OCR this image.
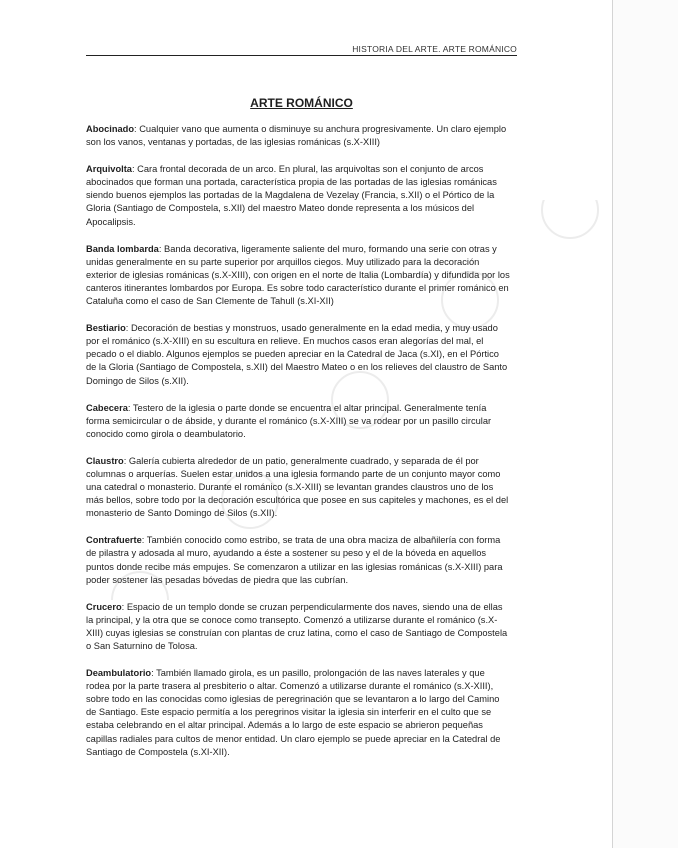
HISTORIA DEL ARTE. ARTE ROMÁNICO
ARTE ROMÁNICO

Abocinado: Cualquier vano que aumenta o disminuye su anchura progresivamente. Un claro ejemplo son los vanos, ventanas y portadas, de las iglesias románicas (s.X-XIII)

Arquivolta: Cara frontal decorada de un arco. En plural, las arquivoltas son el conjunto de arcos abocinados que forman una portada, característica propia de las portadas de las iglesias románicas siendo buenos ejemplos las portadas de la Magdalena de Vezelay (Francia, s.XII) o el Pórtico de la Gloria (Santiago de Compostela, s.XII) del maestro Mateo donde representa a los músicos del Apocalipsis.

Banda lombarda: Banda decorativa, ligeramente saliente del muro, formando una serie con otras y unidas generalmente en su parte superior por arquillos ciegos. Muy utilizado para la decoración exterior de iglesias románicas (s.X-XIII), con origen en el norte de Italia (Lombardía) y difundida por los canteros itinerantes lombardos por Europa. Es sobre todo característico durante el primer románico en Cataluña como el caso de San Clemente de Tahull (s.XI-XII)

Bestiario: Decoración de bestias y monstruos, usado generalmente en la edad media, y muy usado por el románico (s.X-XIII) en su escultura en relieve. En muchos casos eran alegorías del mal, el pecado o el diablo. Algunos ejemplos se pueden apreciar en la Catedral de Jaca (s.XI), en el Pórtico de la Gloria (Santiago de Compostela, s.XII) del Maestro Mateo o en los relieves del claustro de Santo Domingo de Silos (s.XII).

Cabecera: Testero de la iglesia o parte donde se encuentra el altar principal. Generalmente tenía forma semicircular o de ábside, y durante el románico (s.X-XIII) se va rodear por un pasillo circular conocido como girola o deambulatorio.

Claustro: Galería cubierta alrededor de un patio, generalmente cuadrado, y separada de él por columnas o arquerías. Suelen estar unidos a una iglesia formando parte de un conjunto mayor como una catedral o monasterio. Durante el románico (s.X-XIII) se levantan grandes claustros uno de los más bellos, sobre todo por la decoración escultórica que posee en sus capiteles y machones, es el del monasterio de Santo Domingo de Silos (s.XII).

Contrafuerte: También conocido como estribo, se trata de una obra maciza de albañilería con forma de pilastra y adosada al muro, ayudando a éste a sostener su peso y el de la bóveda en aquellos puntos donde recibe más empujes. Se comenzaron a utilizar en las iglesias románicas (s.X-XIII) para poder sostener las pesadas bóvedas de piedra que las cubrían.

Crucero: Espacio de un templo donde se cruzan perpendicularmente dos naves, siendo una de ellas la principal, y la otra que se conoce como transepto. Comenzó a utilizarse durante el románico (s.X-XIII) cuyas iglesias se construían con plantas de cruz latina, como el caso de Santiago de Compostela o San Saturnino de Tolosa.

Deambulatorio: También llamado girola, es un pasillo, prolongación de las naves laterales y que rodea por la parte trasera al presbiterio o altar. Comenzó a utilizarse durante el románico (s.X-XIII), sobre todo en las conocidas como iglesias de peregrinación que se levantaron a lo largo del Camino de Santiago. Este espacio permitía a los peregrinos visitar la iglesia sin interferir en el culto que se estaba celebrando en el altar principal. Además a lo largo de este espacio se abrieron pequeñas capillas radiales para cultos de menor entidad. Un claro ejemplo se puede apreciar en la Catedral de Santiago de Compostela (s.XI-XII).
